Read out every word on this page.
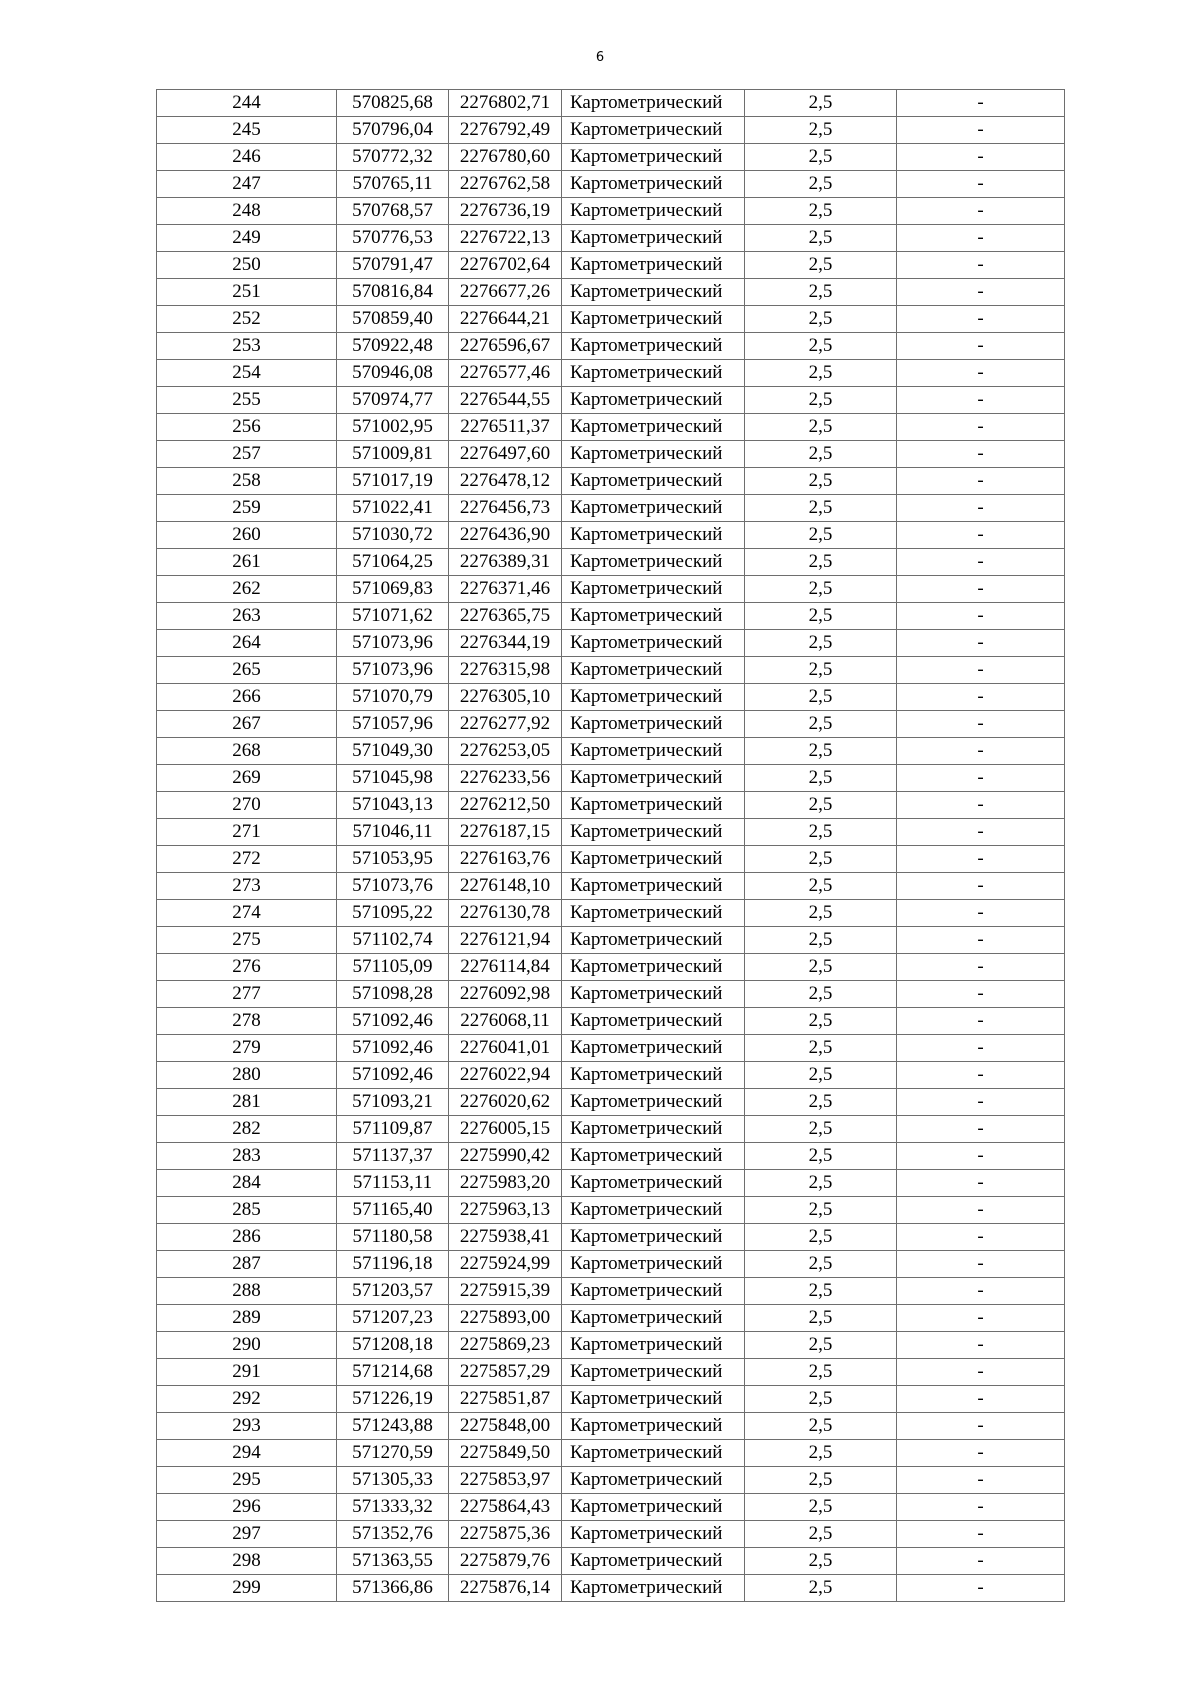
6
244	570825,68	2276802,71	Картометрический	2,5	-
245	570796,04	2276792,49	Картометрический	2,5	-
246	570772,32	2276780,60	Картометрический	2,5	-
247	570765,11	2276762,58	Картометрический	2,5	-
248	570768,57	2276736,19	Картометрический	2,5	-
249	570776,53	2276722,13	Картометрический	2,5	-
250	570791,47	2276702,64	Картометрический	2,5	-
251	570816,84	2276677,26	Картометрический	2,5	-
252	570859,40	2276644,21	Картометрический	2,5	-
253	570922,48	2276596,67	Картометрический	2,5	-
254	570946,08	2276577,46	Картометрический	2,5	-
255	570974,77	2276544,55	Картометрический	2,5	-
256	571002,95	2276511,37	Картометрический	2,5	-
257	571009,81	2276497,60	Картометрический	2,5	-
258	571017,19	2276478,12	Картометрический	2,5	-
259	571022,41	2276456,73	Картометрический	2,5	-
260	571030,72	2276436,90	Картометрический	2,5	-
261	571064,25	2276389,31	Картометрический	2,5	-
262	571069,83	2276371,46	Картометрический	2,5	-
263	571071,62	2276365,75	Картометрический	2,5	-
264	571073,96	2276344,19	Картометрический	2,5	-
265	571073,96	2276315,98	Картометрический	2,5	-
266	571070,79	2276305,10	Картометрический	2,5	-
267	571057,96	2276277,92	Картометрический	2,5	-
268	571049,30	2276253,05	Картометрический	2,5	-
269	571045,98	2276233,56	Картометрический	2,5	-
270	571043,13	2276212,50	Картометрический	2,5	-
271	571046,11	2276187,15	Картометрический	2,5	-
272	571053,95	2276163,76	Картометрический	2,5	-
273	571073,76	2276148,10	Картометрический	2,5	-
274	571095,22	2276130,78	Картометрический	2,5	-
275	571102,74	2276121,94	Картометрический	2,5	-
276	571105,09	2276114,84	Картометрический	2,5	-
277	571098,28	2276092,98	Картометрический	2,5	-
278	571092,46	2276068,11	Картометрический	2,5	-
279	571092,46	2276041,01	Картометрический	2,5	-
280	571092,46	2276022,94	Картометрический	2,5	-
281	571093,21	2276020,62	Картометрический	2,5	-
282	571109,87	2276005,15	Картометрический	2,5	-
283	571137,37	2275990,42	Картометрический	2,5	-
284	571153,11	2275983,20	Картометрический	2,5	-
285	571165,40	2275963,13	Картометрический	2,5	-
286	571180,58	2275938,41	Картометрический	2,5	-
287	571196,18	2275924,99	Картометрический	2,5	-
288	571203,57	2275915,39	Картометрический	2,5	-
289	571207,23	2275893,00	Картометрический	2,5	-
290	571208,18	2275869,23	Картометрический	2,5	-
291	571214,68	2275857,29	Картометрический	2,5	-
292	571226,19	2275851,87	Картометрический	2,5	-
293	571243,88	2275848,00	Картометрический	2,5	-
294	571270,59	2275849,50	Картометрический	2,5	-
295	571305,33	2275853,97	Картометрический	2,5	-
296	571333,32	2275864,43	Картометрический	2,5	-
297	571352,76	2275875,36	Картометрический	2,5	-
298	571363,55	2275879,76	Картометрический	2,5	-
299	571366,86	2275876,14	Картометрический	2,5	-
